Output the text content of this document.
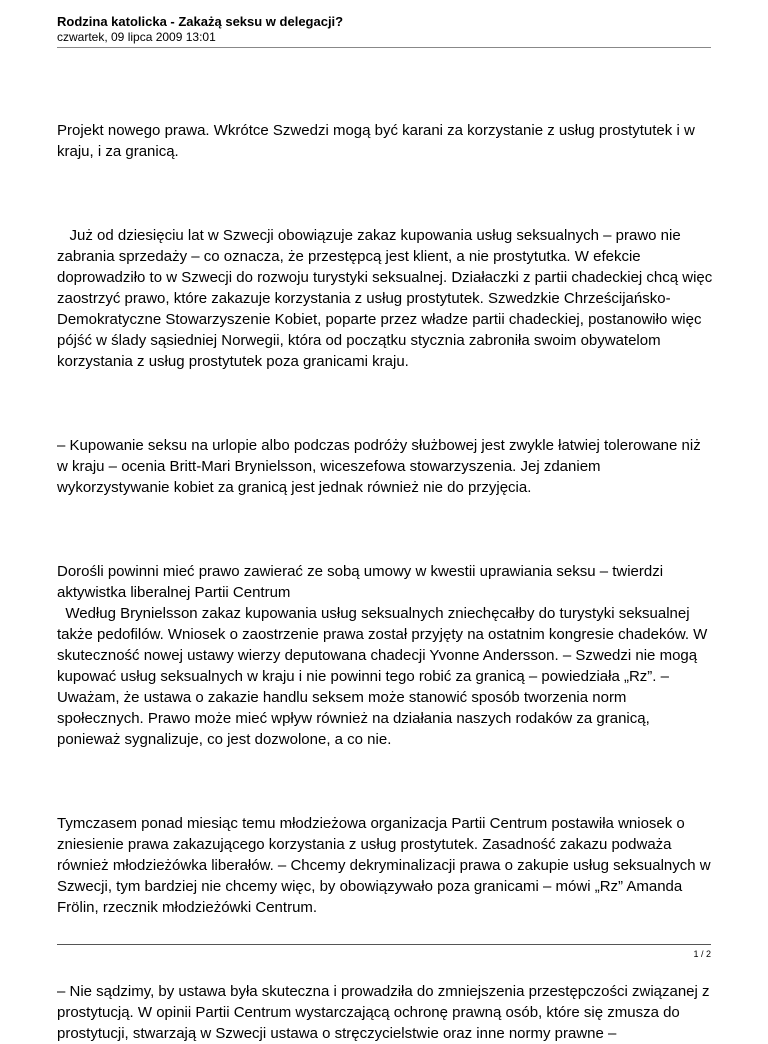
Rodzina katolicka - Zakażą seksu w delegacji?
czwartek, 09 lipca 2009 13:01

Projekt nowego prawa. Wkrótce Szwedzi mogą być karani za korzystanie z usług prostytutek i w kraju, i za granicą.

Już od dziesięciu lat w Szwecji obowiązuje zakaz kupowania usług seksualnych – prawo nie zabrania sprzedaży – co oznacza, że przestępcą jest klient, a nie prostytutka. W efekcie doprowadziło to w Szwecji do rozwoju turystyki seksualnej. Działaczki z partii chadeckiej chcą więc zaostrzyć prawo, które zakazuje korzystania z usług prostytutek. Szwedzkie Chrześcijańsko-Demokratyczne Stowarzyszenie Kobiet, poparte przez władze partii chadeckiej, postanowiło więc pójść w ślady sąsiedniej Norwegii, która od początku stycznia zabroniła swoim obywatelom korzystania z usług prostytutek poza granicami kraju.

– Kupowanie seksu na urlopie albo podczas podróży służbowej jest zwykle łatwiej tolerowane niż w kraju – ocenia Britt-Mari Brynielsson, wiceszefowa stowarzyszenia. Jej zdaniem wykorzystywanie kobiet za granicą jest jednak również nie do przyjęcia.

Dorośli powinni mieć prawo zawierać ze sobą umowy w kwestii uprawiania seksu – twierdzi aktywistka liberalnej Partii Centrum
Według Brynielsson zakaz kupowania usług seksualnych zniechęcałby do turystyki seksualnej także pedofilów. Wniosek o zaostrzenie prawa został przyjęty na ostatnim kongresie chadeków. W skuteczność nowej ustawy wierzy deputowana chadecji Yvonne Andersson. – Szwedzi nie mogą kupować usług seksualnych w kraju i nie powinni tego robić za granicą – powiedziała „Rz”. – Uważam, że ustawa o zakazie handlu seksem może stanowić sposób tworzenia norm społecznych. Prawo może mieć wpływ również na działania naszych rodaków za granicą, ponieważ sygnalizuje, co jest dozwolone, a co nie.

Tymczasem ponad miesiąc temu młodzieżowa organizacja Partii Centrum postawiła wniosek o zniesienie prawa zakazującego korzystania z usług prostytutek. Zasadność zakazu podważa również młodzieżówka liberałów. – Chcemy dekryminalizacji prawa o zakupie usług seksualnych w Szwecji, tym bardziej nie chcemy więc, by obowiązywało poza granicami – mówi „Rz” Amanda Frölin, rzecznik młodzieżówki Centrum.

– Nie sądzimy, by ustawa była skuteczna i prowadziła do zmniejszenia przestępczości związanej z prostytucją. W opinii Partii Centrum wystarczającą ochronę prawną osób, które się zmusza do prostytucji, stwarzają w Szwecji ustawa o stręczycielstwie oraz inne normy prawne –

1 / 2
